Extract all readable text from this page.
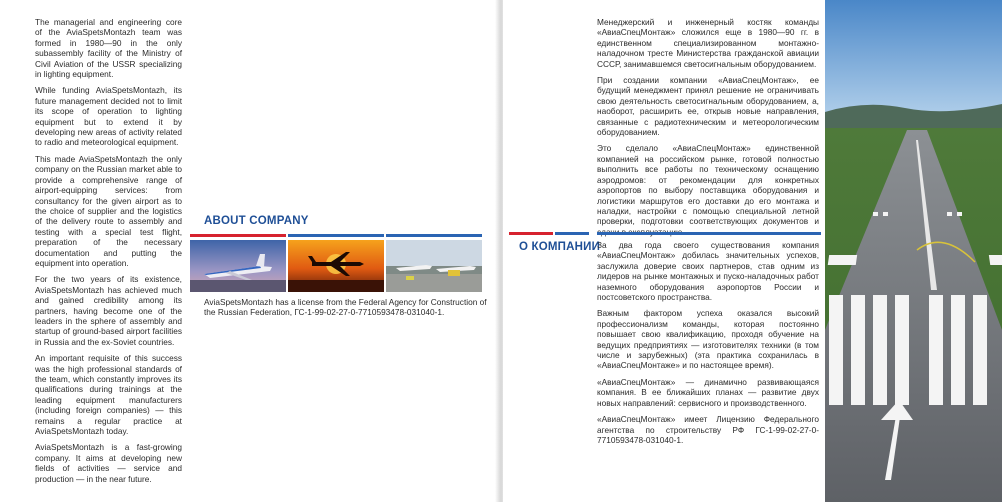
The managerial and engineering core of the AviaSpetsMontazh team was formed in 1980—90 in the only subassembly facility of the Ministry of Civil Aviation of the USSR specializing in lighting equipment.

While funding AviaSpetsMontazh, its future management decided not to limit its scope of operation to lighting equipment but to extend it by developing new areas of activity related to radio and meteorological equipment.

This made AviaSpetsMontazh the only company on the Russian market able to provide a comprehensive range of airport-equipping services: from consultancy for the given airport as to the choice of supplier and the logistics of the delivery route to assembly and testing with a special test flight, preparation of the necessary documentation and putting the equipment into operation.

For the two years of its existence, AviaSpetsMontazh has achieved much and gained credibility among its partners, having become one of the leaders in the sphere of assembly and startup of ground-based airport facilities in Russia and the ex-Soviet countries.

An important requisite of this success was the high professional standards of the team, which constantly improves its qualifications during trainings at the leading equipment manufacturers (including foreign companies) — this remains a regular practice at AviaSpetsMontazh today.

AviaSpetsMontazh is a fast-growing company. It aims at developing new fields of activities — service and production — in the near future.

ABOUT COMPANY
AviaSpetsMontazh has a license from the Federal Agency for Construction of the Russian Federation, ГС-1-99-02-27-0-7710593478-031040-1.

Менеджерский и инженерный костяк команды «АвиаСпецМонтаж» сложился еще в 1980—90 гг. в единственном специализированном монтажно-наладочном тресте Министерства гражданской авиации СССР, занимавшемся светосигнальным оборудованием.

При создании компании «АвиаСпецМонтаж», ее будущий менеджмент принял решение не ограничивать свою деятельность светосигнальным оборудованием, а, наоборот, расширить ее, открыв новые направления, связанные с радиотехническим и метеорологическим оборудованием.

Это сделало «АвиаСпецМонтаж» единственной компанией на российском рынке, готовой полностью выполнить все работы по техническому оснащению аэродромов: от рекомендации для конкретных аэропортов по выбору поставщика оборудования и логистики маршрутов его доставки до его монтажа и наладки, настройки с помощью специальной летной проверки, подготовки соответствующих документов и

О КОМПАНИИ

За два года своего существования компания «АвиаСпецМонтаж» добилась значительных успехов, заслужила доверие своих партнеров, став одним из лидеров на рынке монтажных и пуско-наладочных работ наземного оборудования аэропортов России и постсоветского пространства.

Важным фактором успеха оказался высокий профессионализм команды, которая постоянно повышает свою квалификацию, проходя обучение на ведущих предприятиях — изготовителях техники (в том числе и зарубежных) (эта практика сохранилась в «АвиаСпецМонтаже» и по настоящее время).

«АвиаСпецМонтаж» — динамично развивающаяся компания. В ее ближайших планах — развитие двух новых направлений: сервисного и производственного.

«АвиаСпецМонтаж» имеет Лицензию Федерального агентства по строительству РФ ГС-1-99-02-27-0-7710593478-031040-1.
